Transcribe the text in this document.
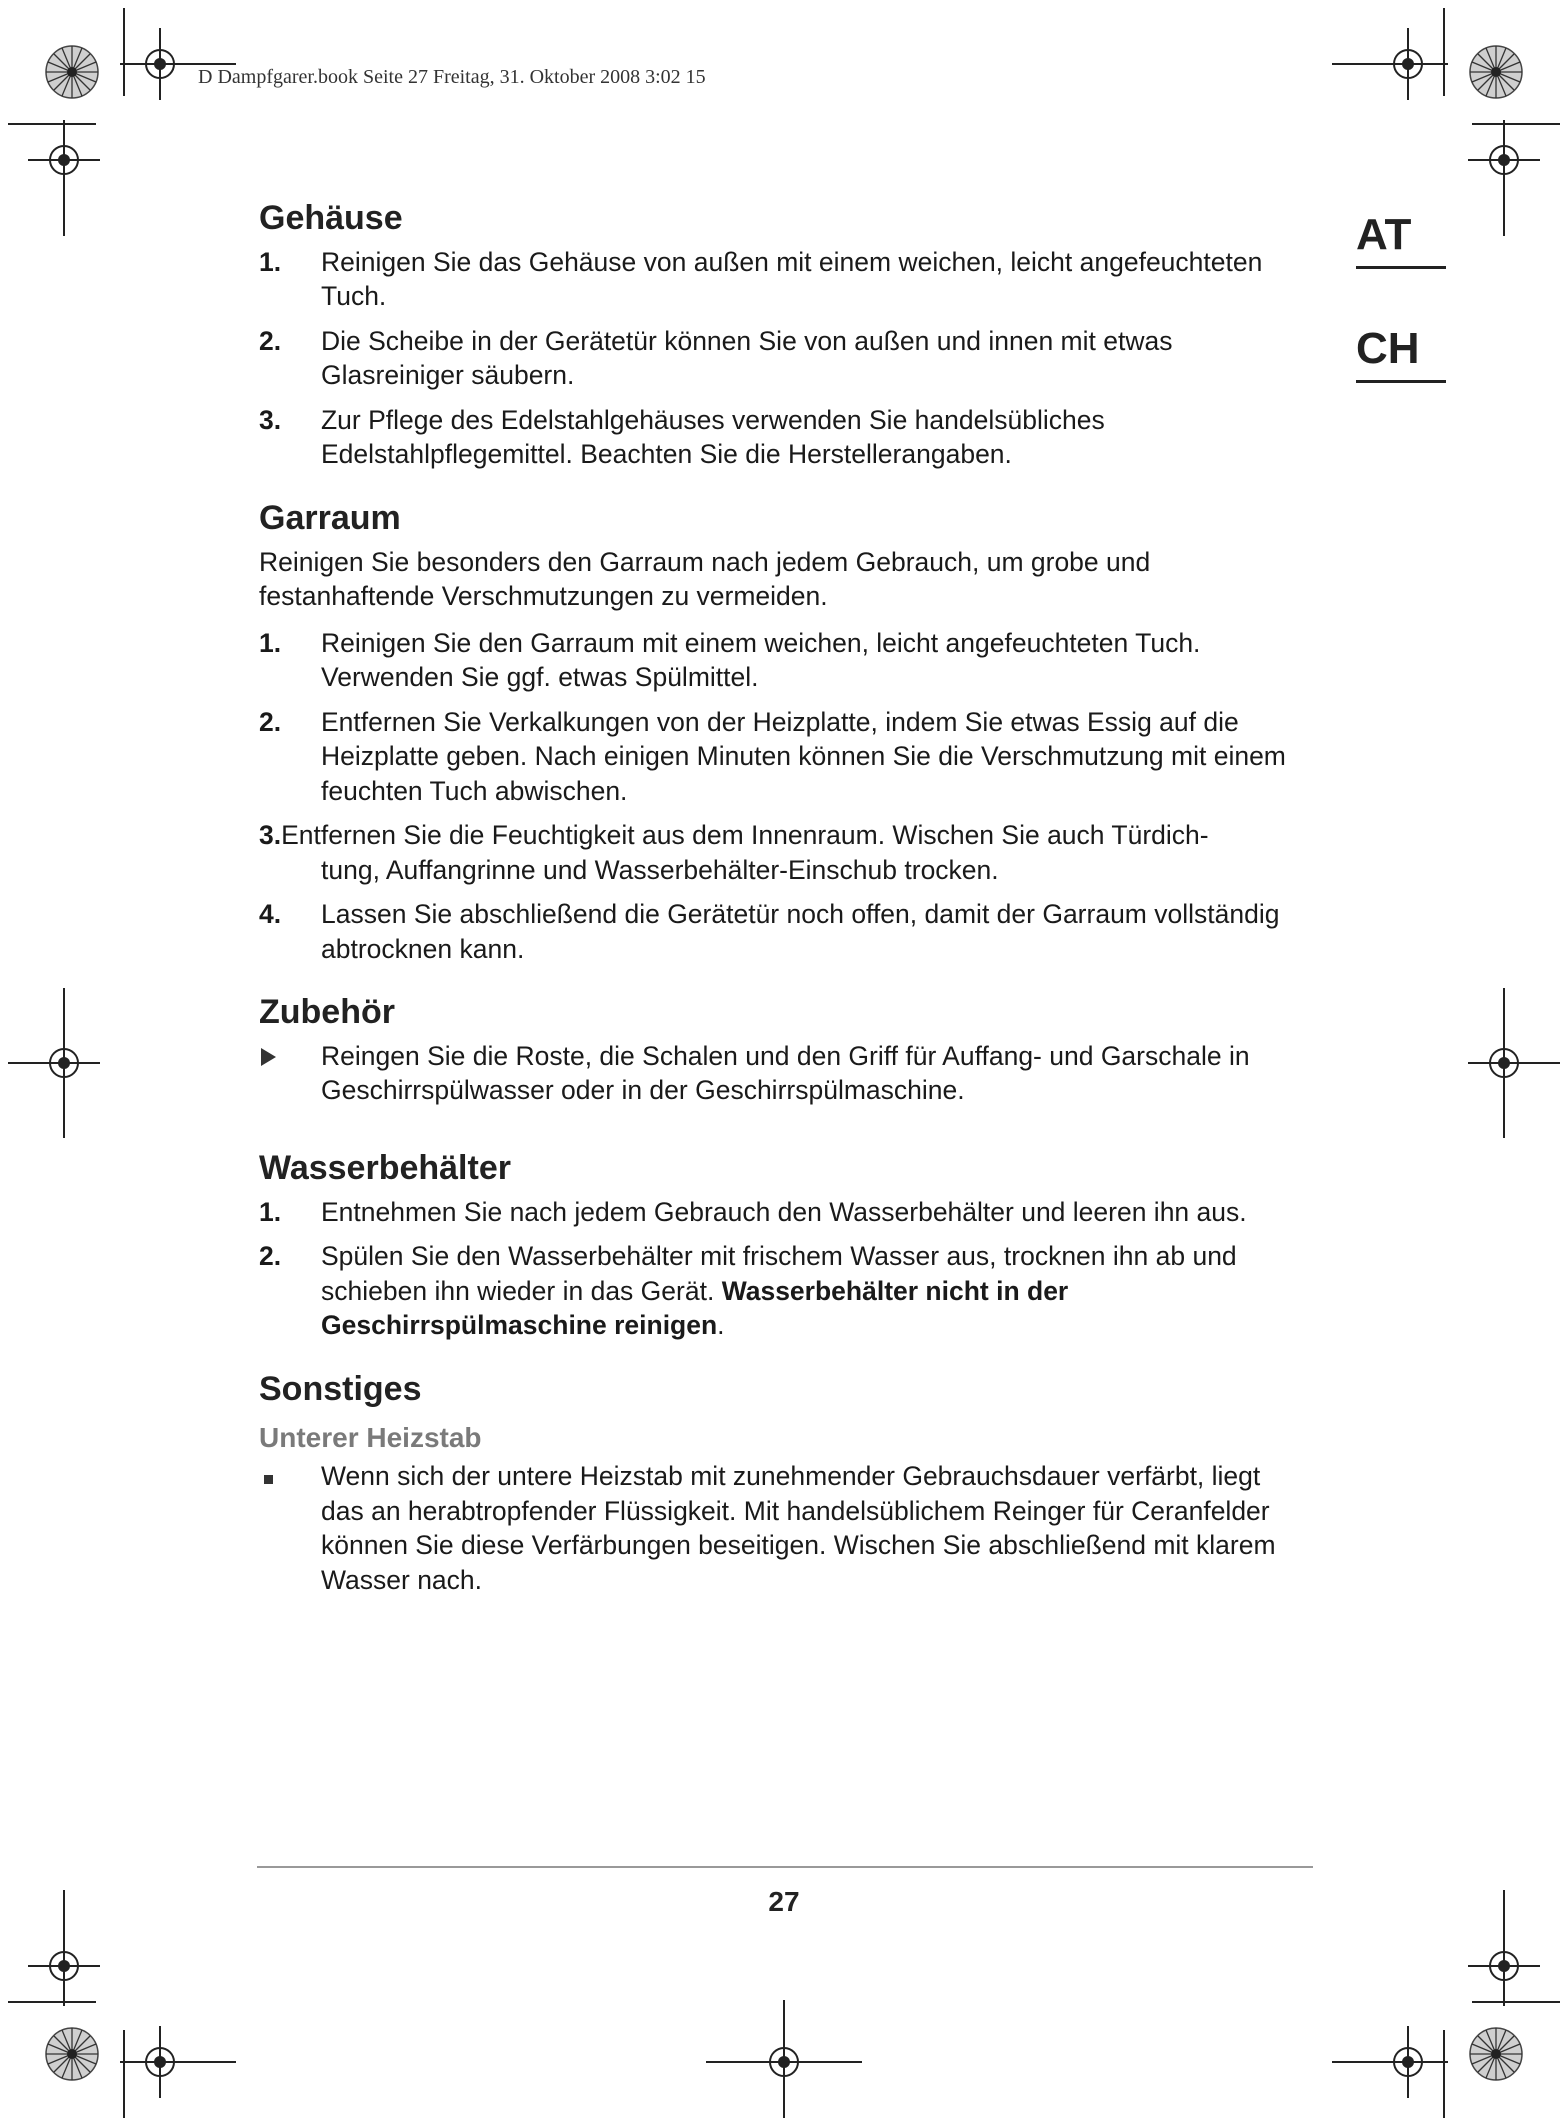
D Dampfgarer.book Seite 27 Freitag, 31. Oktober 2008 3:02 15
AT
CH
Gehäuse
1. Reinigen Sie das Gehäuse von außen mit einem weichen, leicht angefeuchteten Tuch.
2. Die Scheibe in der Gerätetür können Sie von außen und innen mit etwas Glasreiniger säubern.
3. Zur Pflege des Edelstahlgehäuses verwenden Sie handelsübliches Edelstahlpflegemittel. Beachten Sie die Herstellerangaben.
Garraum

Reinigen Sie besonders den Garraum nach jedem Gebrauch, um grobe und festanhaftende Verschmutzungen zu vermeiden.

1. Reinigen Sie den Garraum mit einem weichen, leicht angefeuchteten Tuch. Verwenden Sie ggf. etwas Spülmittel.
2. Entfernen Sie Verkalkungen von der Heizplatte, indem Sie etwas Essig auf die Heizplatte geben. Nach einigen Minuten können Sie die Verschmutzung mit einem feuchten Tuch abwischen.
3.Entfernen Sie die Feuchtigkeit aus dem Innenraum. Wischen Sie auch Türdich-
tung, Auffangrinne und Wasserbehälter-Einschub trocken.
4. Lassen Sie abschließend die Gerätetür noch offen, damit der Garraum vollständig abtrocknen kann.
Zubehör
Reingen Sie die Roste, die Schalen und den Griff für Auffang- und Garschale in Geschirrspülwasser oder in der Geschirrspülmaschine.
Wasserbehälter
1. Entnehmen Sie nach jedem Gebrauch den Wasserbehälter und leeren ihn aus.
2. Spülen Sie den Wasserbehälter mit frischem Wasser aus, trocknen ihn ab und schieben ihn wieder in das Gerät. Wasserbehälter nicht in der Geschirrspülmaschine reinigen.
Sonstiges
Unterer Heizstab
Wenn sich der untere Heizstab mit zunehmender Gebrauchsdauer verfärbt, liegt das an herabtropfender Flüssigkeit. Mit handelsüblichem Reinger für Ceranfelder können Sie diese Verfärbungen beseitigen. Wischen Sie abschließend mit klarem Wasser nach.
27
